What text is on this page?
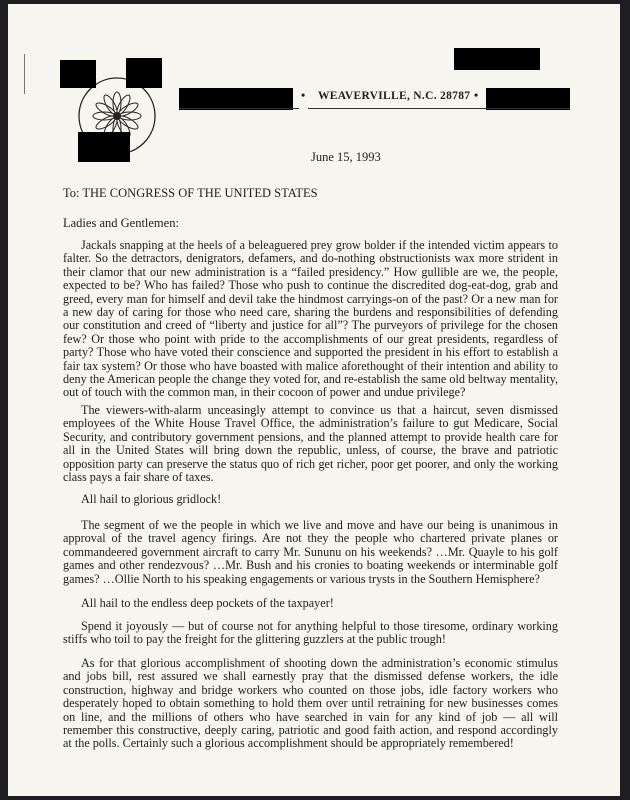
• WEAVERVILLE, N.C. 28787 •
June 15, 1993
To: THE CONGRESS OF THE UNITED STATES
Ladies and Gentlemen:

Jackals snapping at the heels of a beleaguered prey grow bolder if the intended victim appears to falter. So the detractors, denigrators, defamers, and do-nothing obstructionists wax more strident in their clamor that our new administration is a “failed presidency.” How gullible are we, the people, expected to be? Who has failed? Those who push to continue the discredited dog-eat-dog, grab and greed, every man for himself and devil take the hindmost carryings-on of the past? Or a new man for a new day of caring for those who need care, sharing the burdens and responsibilities of defending our constitution and creed of “liberty and justice for all”? The purveyors of privilege for the chosen few? Or those who point with pride to the accomplishments of our great presidents, regardless of party? Those who have voted their conscience and supported the president in his effort to establish a fair tax system? Or those who have boasted with malice aforethought of their intention and ability to deny the American people the change they voted for, and re-establish the same old beltway mentality, out of touch with the common man, in their cocoon of power and undue privilege?

The viewers-with-alarm unceasingly attempt to convince us that a haircut, seven dismissed employees of the White House Travel Office, the administration’s failure to gut Medicare, Social Security, and contributory government pensions, and the planned attempt to provide health care for all in the United States will bring down the republic, unless, of course, the brave and patriotic opposition party can preserve the status quo of rich get richer, poor get poorer, and only the working class pays a fair share of taxes.

All hail to glorious gridlock!

The segment of we the people in which we live and move and have our being is unanimous in approval of the travel agency firings. Are not they the people who chartered private planes or commandeered government aircraft to carry Mr. Sununu on his weekends? …Mr. Quayle to his golf games and other rendezvous? …Mr. Bush and his cronies to boating weekends or interminable golf games? …Ollie North to his speaking engagements or various trysts in the Southern Hemisphere?

All hail to the endless deep pockets of the taxpayer!

Spend it joyously — but of course not for anything helpful to those tiresome, ordinary working stiffs who toil to pay the freight for the glittering guzzlers at the public trough!

As for that glorious accomplishment of shooting down the administration’s economic stimulus and jobs bill, rest assured we shall earnestly pray that the dismissed defense workers, the idle construction, highway and bridge workers who counted on those jobs, idle factory workers who desperately hoped to obtain something to hold them over until retraining for new businesses comes on line, and the millions of others who have searched in vain for any kind of job — all will remember this constructive, deeply caring, patriotic and good faith action, and respond accordingly at the polls. Certainly such a glorious accomplishment should be appropriately remembered!
